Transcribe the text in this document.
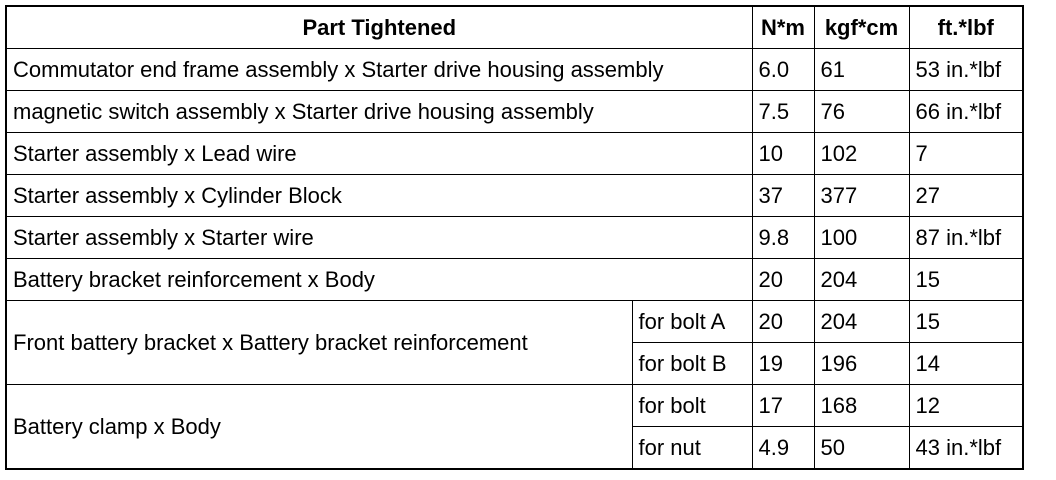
Part Tightened		N*m	kgf*cm	ft.*lbf
Commutator end frame assembly x Starter drive housing assembly		6.0	61	53 in.*lbf
magnetic switch assembly x Starter drive housing assembly		7.5	76	66 in.*lbf
Starter assembly x Lead wire		10	102	7
Starter assembly x Cylinder Block		37	377	27
Starter assembly x Starter wire		9.8	100	87 in.*lbf
Battery bracket reinforcement x Body		20	204	15
Front battery bracket x Battery bracket reinforcement	for bolt A	20	204	15
	for bolt B	19	196	14
Battery clamp x Body	for bolt	17	168	12
	for nut	4.9	50	43 in.*lbf
